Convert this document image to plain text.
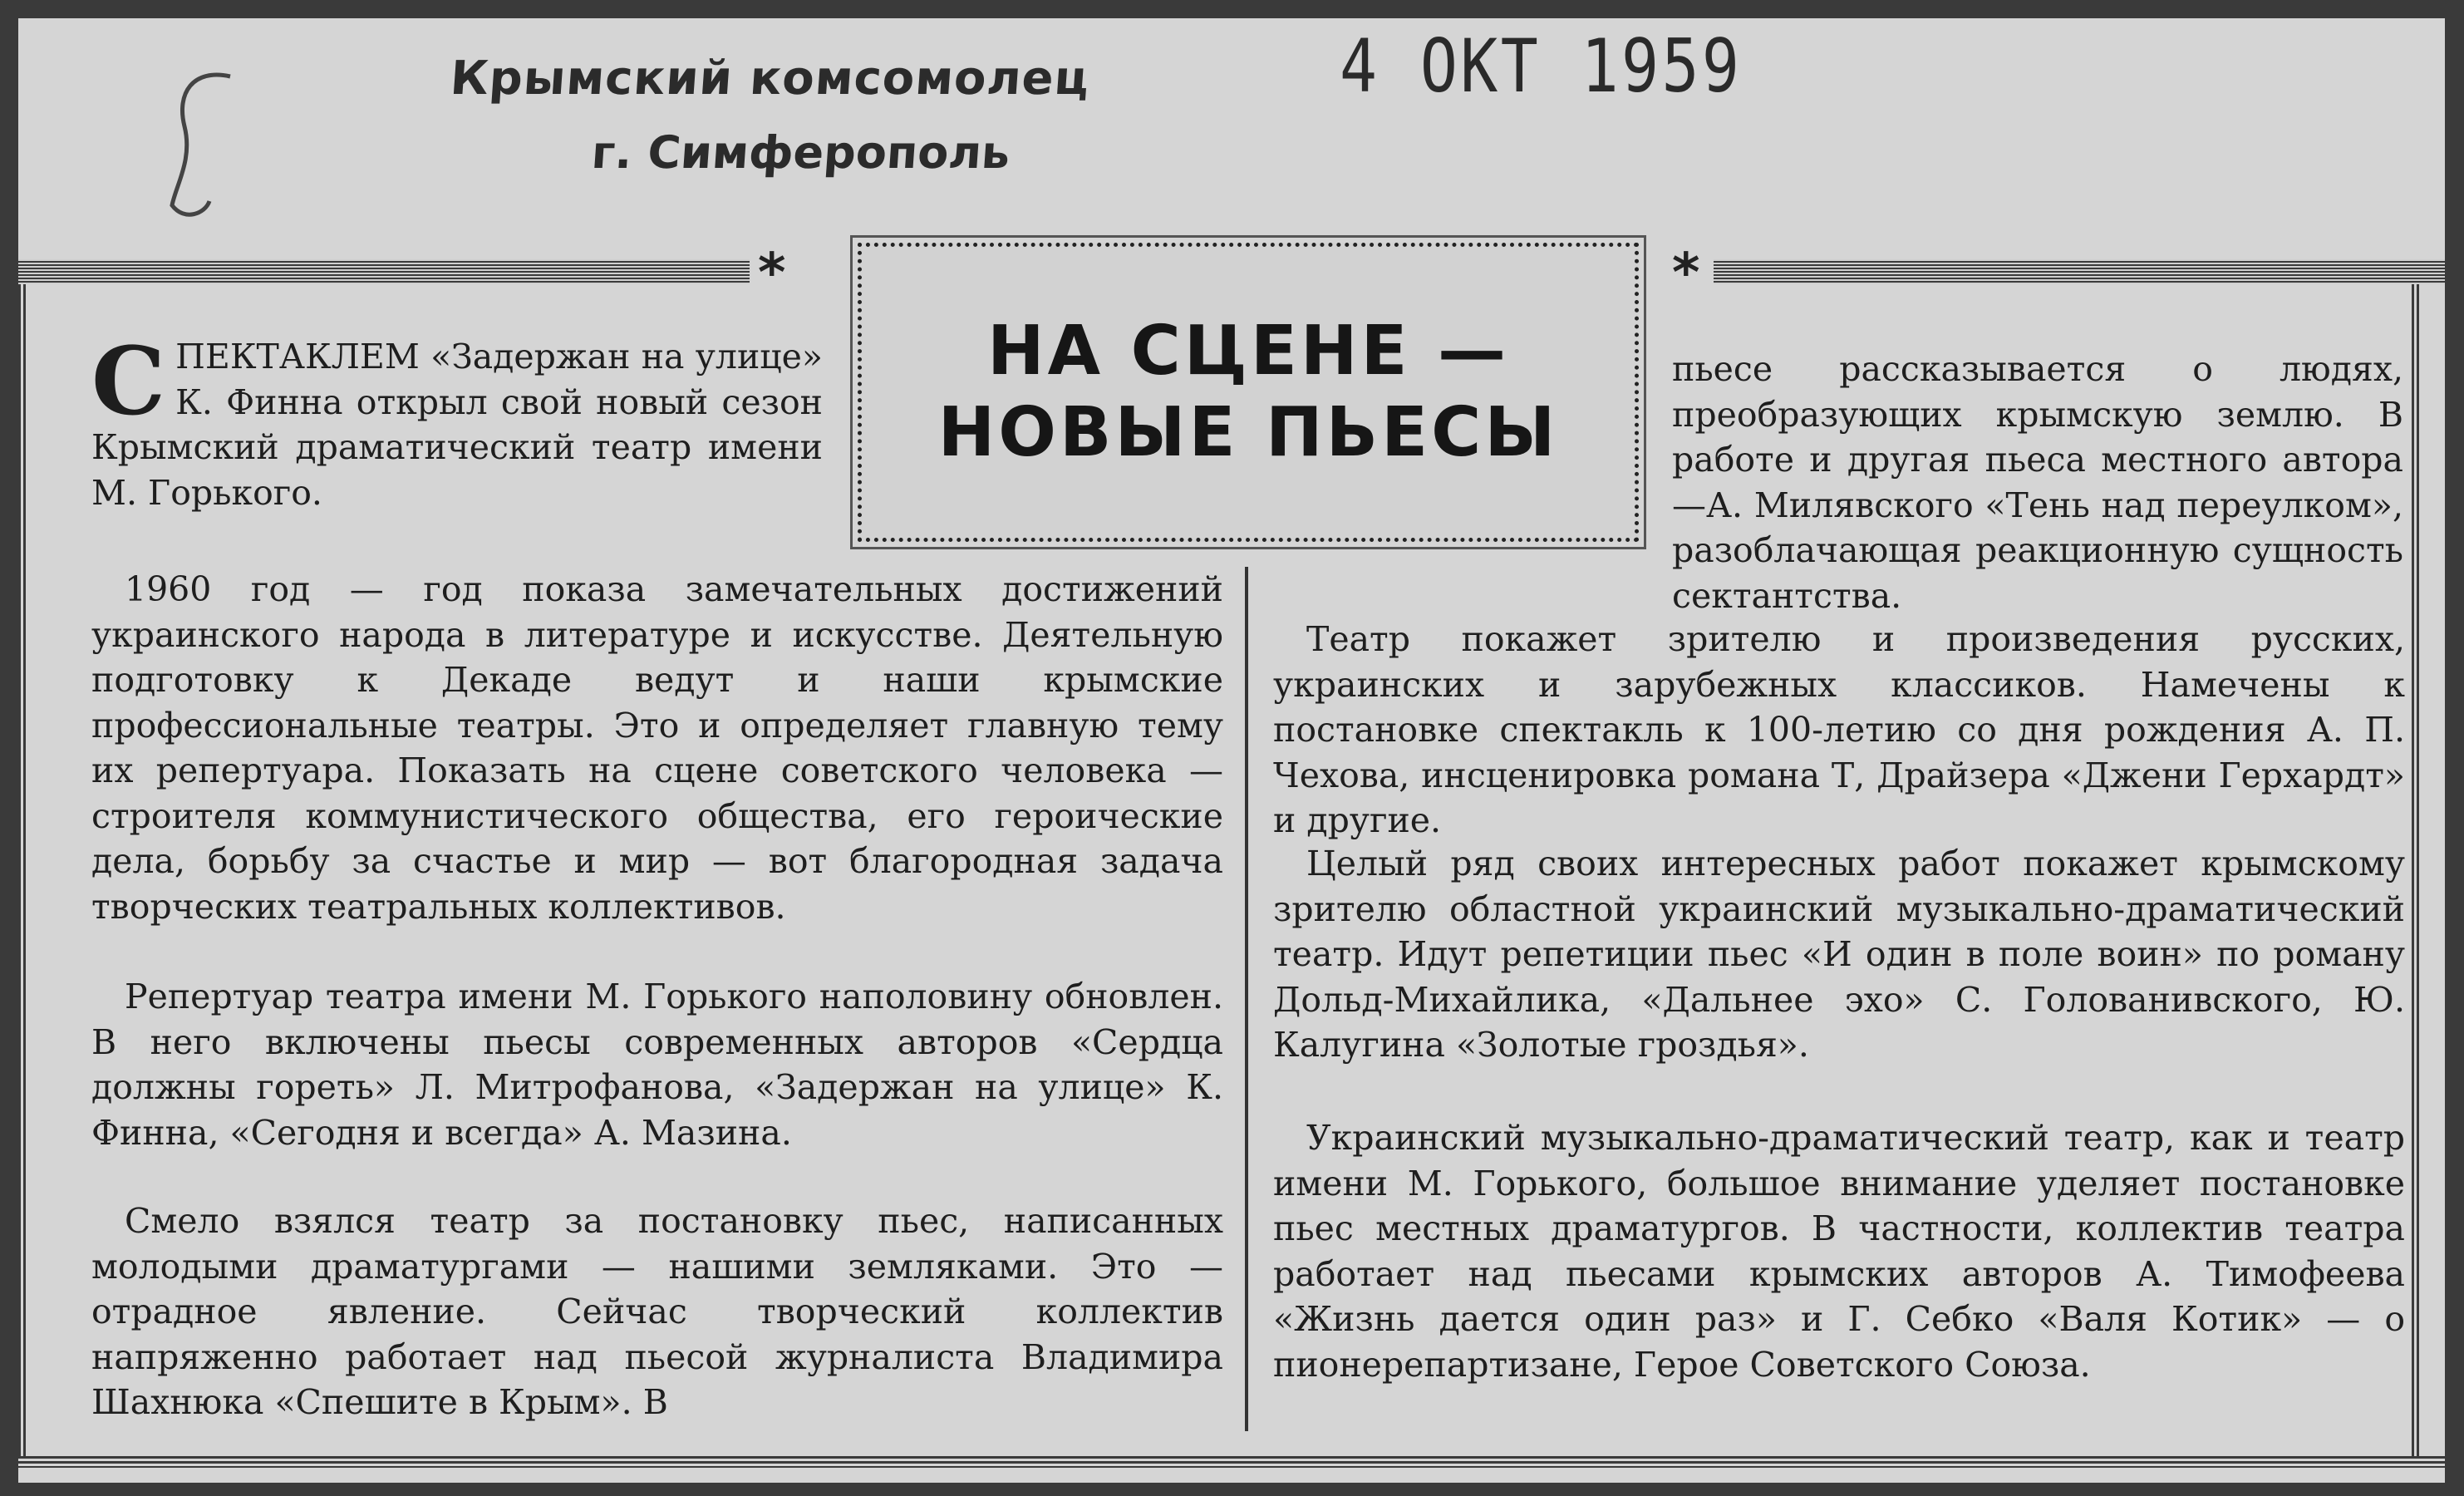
Крымский комсомолец
г. Симферополь
4 ОКТ 1959
*	*
НА СЦЕНЕ —
НОВЫЕ ПЬЕСЫ

СПЕКТАКЛЕМ «Задержан на улице» К. Финна открыл свой новый сезон Крымский драматический театр имени М. Горького.

1960 год — год показа замечательных достижений украинского народа в литературе и искусстве. Деятельную подготовку к Декаде ведут и наши крымские профессиональные театры. Это и определяет главную тему их репертуара. Показать на сцене советского человека — строителя коммунистического общества, его героические дела, борьбу за счастье и мир — вот благородная задача творческих театральных коллективов.

Репертуар театра имени М. Горького наполовину обновлен. В него включены пьесы современных авторов «Сердца должны гореть» Л. Митрофанова, «Задержан на улице» К. Финна, «Сегодня и всегда» А. Мазина.

Смело взялся театр за постановку пьес, написанных молодыми драматургами — нашими земляками. Это — отрадное явление. Сейчас творческий коллектив напряженно работает над пьесой журналиста Владимира Шахнюка «Спешите в Крым». В

пьесе рассказывается о людях, преобразующих крымскую землю. В работе и другая пьеса местного автора—А. Милявского «Тень над переулком», разоблачающая реакционную сущность сектантства.

Театр покажет зрителю и произведения русских, украинских и зарубежных классиков. Намечены к постановке спектакль к 100-летию со дня рождения А. П. Чехова, инсценировка романа Т, Драйзера «Джени Герхардт» и другие.

Целый ряд своих интересных работ покажет крымскому зрителю областной украинский музыкально-драматический театр. Идут репетиции пьес «И один в поле воин» по роману Дольд-Михайлика, «Дальнее эхо» С. Голованивского, Ю. Калугина «Золотые гроздья».

Украинский музыкально-драматический театр, как и театр имени М. Горького, большое внимание уделяет постановке пьес местных драматургов. В частности, коллектив театра работает над пьесами крымских авторов А. Тимофеева «Жизнь дается один раз» и Г. Себко «Валя Котик» — о пионерепартизане, Герое Советского Союза.
